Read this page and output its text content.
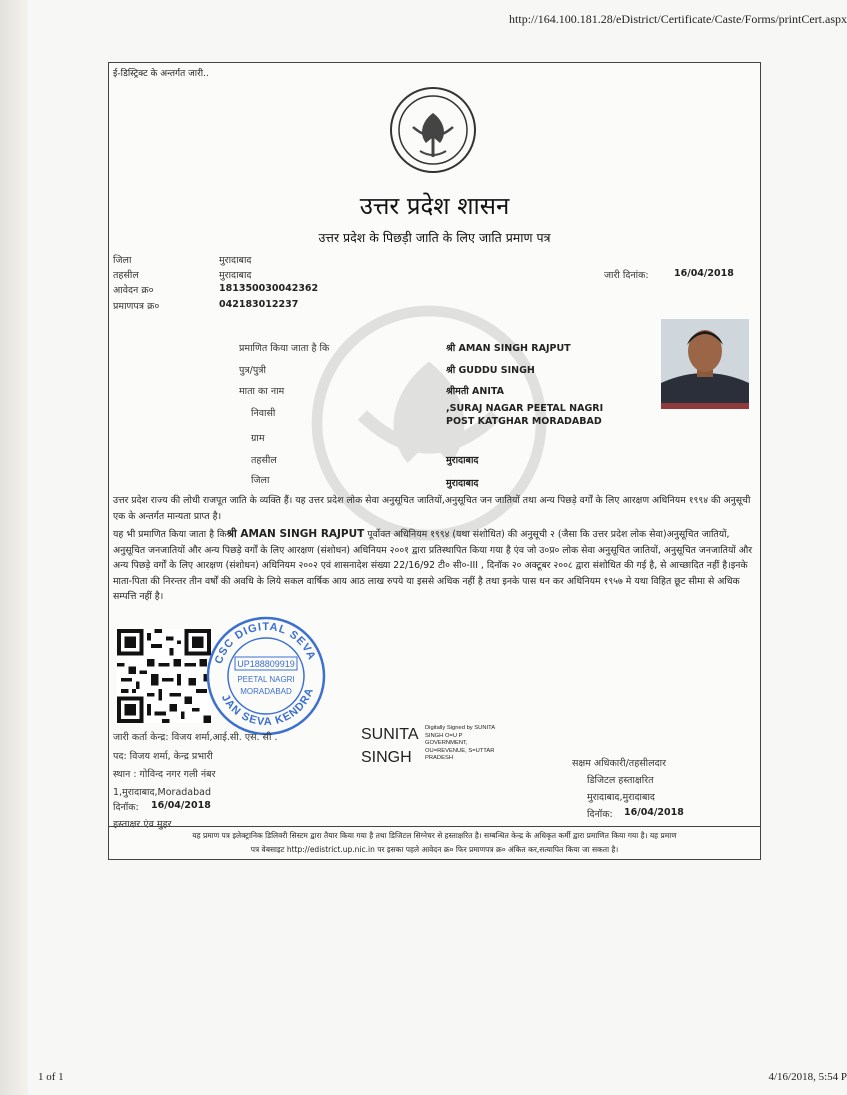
http://164.100.181.28/eDistrict/Certificate/Caste/Forms/printCert.aspx
ई-डिस्ट्रिक्ट के अन्तर्गत जारी..
उत्तर प्रदेश शासन
उत्तर प्रदेश के पिछड़ी जाति के लिए जाति प्रमाण पत्र
जिला	मुरादाबाद
तहसील	मुरादाबाद
आवेदन क्र०	181350030042362
प्रमाणपत्र क्र०	042183012237
जारी दिनांक:	16/04/2018
प्रमाणित किया जाता है कि	श्री AMAN SINGH RAJPUT
पुत्र/पुत्री	श्री GUDDU SINGH
माता का नाम	श्रीमती ANITA
निवासी	,SURAJ NAGAR PEETAL NAGRI
POST KATGHAR MORADABAD
ग्राम
तहसील	मुरादाबाद
जिला	मुरादाबाद
उत्तर प्रदेश राज्य की लोधी राजपूत जाति के व्यक्ति हैं। यह उत्तर प्रदेश लोक सेवा अनुसूचित जातियों,अनुसूचित जन जातियों तथा अन्य पिछड़े वर्गों के लिए आरक्षण अधिनियम १९९४ की अनुसूची एक के अन्तर्गत मान्यता प्राप्त है।
यह भी प्रमाणित किया जाता है किश्री AMAN SINGH RAJPUT पूर्वोक्त अधिनियम १९९४ (यथा संशोधित) की अनुसूची २ (जैसा कि उत्तर प्रदेश लोक सेवा)अनुसूचित जातियों, अनुसूचित जनजातियों और अन्य पिछड़े वर्गों के लिए आरक्षण (संशोधन) अधिनियम २००१ द्वारा प्रतिस्थापित किया गया है एंव जो उ०प्र० लोक सेवा अनुसूचित जातियों, अनुसूचित जनजातियों और अन्य पिछड़े वर्गों के लिए आरक्षण (संशोधन) अधिनियम २००२ एवं शासनादेश संख्या 22/16/92 टी० सी०-III , दिनॉक २० अक्टूबर २००८ द्वारा संशोधित की गई है, से आच्छादित नहीं है।इनके माता-पिता की निरन्तर तीन वर्षों की अवधि के लिये सकल वार्षिक आय आठ लाख रुपये या इससे अधिक नहीं है तथा इनके पास धन कर अधिनियम १९५७ मे यथा विहित छूट सीमा से अधिक सम्पत्ति नहीं है।
CSC DIGITAL SEVA
JAN SEVA KENDRA
UP188809919
PEETAL NAGRI
MORADABAD
जारी कर्ता केन्द्र: विजय शर्मा,आई.सी. एस. सी .
पद: विजय शर्मा, केन्द्र प्रभारी
स्थान : गोविन्द नगर गली नंबर
1,मुरादाबाद,Moradabad
दिनॉक: 16/04/2018
हस्ताक्षर एंव मुहर
SUNITA
SINGH
Digitally Signed by SUNITA
SINGH O=U P
GOVERNMENT,
OU=REVENUE, S=UTTAR
PRADESH	सक्षम अधिकारी/तहसीलदार
डिजिटल हस्ताक्षरित
मुरादाबाद,मुरादाबाद
दिनॉक: 16/04/2018
यह प्रमाण पत्र इलेक्ट्रानिक डिलिवरी सिस्टम द्वारा तैयार किया गया है तथा डिजिटल सिग्नेचर से हस्ताक्षरित है। सम्बन्धित केन्द्र के अधिकृत कर्मी द्वारा प्रमाणित किया गया है। यह प्रमाण
पत्र वेबसाइट http://edistrict.up.nic.in पर इसका पहले आवेदन क्र० फिर प्रमाणपत्र क्र० अंकित कर,सत्यापित किया जा सकता है।
1 of 1	4/16/2018, 5:54 P
